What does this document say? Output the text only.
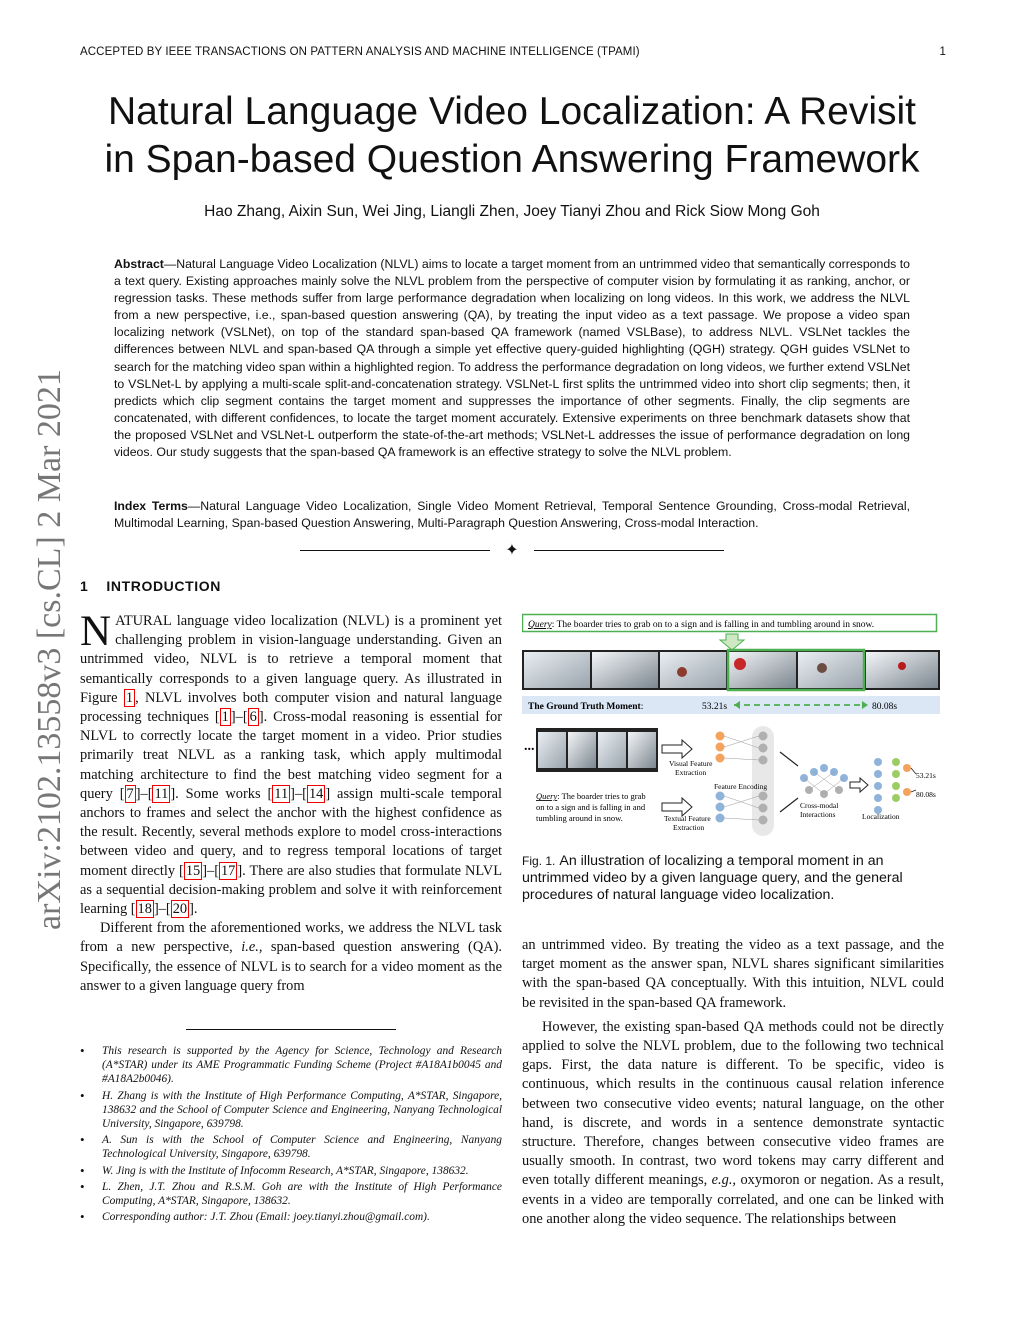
ACCEPTED BY IEEE TRANSACTIONS ON PATTERN ANALYSIS AND MACHINE INTELLIGENCE (TPAMI)	1
arXiv:2102.13558v3 [cs.CL] 2 Mar 2021
Natural Language Video Localization: A Revisit
in Span-based Question Answering Framework
Hao Zhang, Aixin Sun, Wei Jing, Liangli Zhen, Joey Tianyi Zhou and Rick Siow Mong Goh
Abstract—Natural Language Video Localization (NLVL) aims to locate a target moment from an untrimmed video that semantically corresponds to a text query. Existing approaches mainly solve the NLVL problem from the perspective of computer vision by formulating it as ranking, anchor, or regression tasks. These methods suffer from large performance degradation when localizing on long videos. In this work, we address the NLVL from a new perspective, i.e., span-based question answering (QA), by treating the input video as a text passage. We propose a video span localizing network (VSLNet), on top of the standard span-based QA framework (named VSLBase), to address NLVL. VSLNet tackles the differences between NLVL and span-based QA through a simple yet effective query-guided highlighting (QGH) strategy. QGH guides VSLNet to search for the matching video span within a highlighted region. To address the performance degradation on long videos, we further extend VSLNet to VSLNet-L by applying a multi-scale split-and-concatenation strategy. VSLNet-L first splits the untrimmed video into short clip segments; then, it predicts which clip segment contains the target moment and suppresses the importance of other segments. Finally, the clip segments are concatenated, with different confidences, to locate the target moment accurately. Extensive experiments on three benchmark datasets show that the proposed VSLNet and VSLNet-L outperform the state-of-the-art methods; VSLNet-L addresses the issue of performance degradation on long videos. Our study suggests that the span-based QA framework is an effective strategy to solve the NLVL problem.
Index Terms—Natural Language Video Localization, Single Video Moment Retrieval, Temporal Sentence Grounding, Cross-modal Retrieval, Multimodal Learning, Span-based Question Answering, Multi-Paragraph Question Answering, Cross-modal Interaction.
✦
1 INTRODUCTION

NATURAL language video localization (NLVL) is a prominent yet challenging problem in vision-language understanding. Given an untrimmed video, NLVL is to retrieve a temporal moment that semantically corresponds to a given language query. As illustrated in Figure 1 , NLVL involves both computer vision and natural language processing techniques [ 1 ]–[ 6 ]. Cross-modal reasoning is essential for NLVL to correctly locate the target moment in a video. Prior studies primarily treat NLVL as a ranking task, which apply multimodal matching architecture to find the best matching video segment for a query [ 7 ]–[ 11 ]. Some works [ 11 ]–[ 14 ] assign multi-scale temporal anchors to frames and select the anchor with the highest confidence as the result. Recently, several methods explore to model cross-interactions between video and query, and to regress temporal locations of target moment directly [ 15 ]–[ 17 ]. There are also studies that formulate NLVL as a sequential decision-making problem and solve it with reinforcement learning [ 18 ]–[ 20 ].

Different from the aforementioned works, we address the NLVL task from a new perspective, i.e., span-based question answering (QA). Specifically, the essence of NLVL is to search for a video moment as the answer to a given language query from

• This research is supported by the Agency for Science, Technology and Research (A*STAR) under its AME Programmatic Funding Scheme (Project #A18A1b0045 and #A18A2b0046).
• H. Zhang is with the Institute of High Performance Computing, A*STAR, Singapore, 138632 and the School of Computer Science and Engineering, Nanyang Technological University, Singapore, 639798.
• A. Sun is with the School of Computer Science and Engineering, Nanyang Technological University, Singapore, 639798.
• W. Jing is with the Institute of Infocomm Research, A*STAR, Singapore, 138632.
• L. Zhen, J.T. Zhou and R.S.M. Goh are with the Institute of High Performance Computing, A*STAR, Singapore, 138632.
• Corresponding author: J.T. Zhou (Email: joey.tianyi.zhou@gmail.com).
Query: The boarder tries to grab on to a sign and is falling in and tumbling around in snow.
The Ground Truth Moment:	53.21s	80.08s
...
Query: The boarder tries to grab
on to a sign and is falling in and
tumbling around in snow.
Visual Feature
Extraction
Textual Feature
Extraction
Feature Encoding
Cross-modal
Interactions
53.21s
80.08s
Localization
Fig. 1. An illustration of localizing a temporal moment in an untrimmed video by a given language query, and the general procedures of natural language video localization.

an untrimmed video. By treating the video as a text passage, and the target moment as the answer span, NLVL shares significant similarities with the span-based QA conceptually. With this intuition, NLVL could be revisited in the span-based QA framework.

However, the existing span-based QA methods could not be directly applied to solve the NLVL problem, due to the following two technical gaps. First, the data nature is different. To be specific, video is continuous, which results in the continuous causal relation inference between two consecutive video events; natural language, on the other hand, is discrete, and words in a sentence demonstrate syntactic structure. Therefore, changes between consecutive video frames are usually smooth. In contrast, two word tokens may carry different and even totally different meanings, e.g., oxymoron or negation. As a result, events in a video are temporally correlated, and one can be linked with one another along the video sequence. The relationships between
